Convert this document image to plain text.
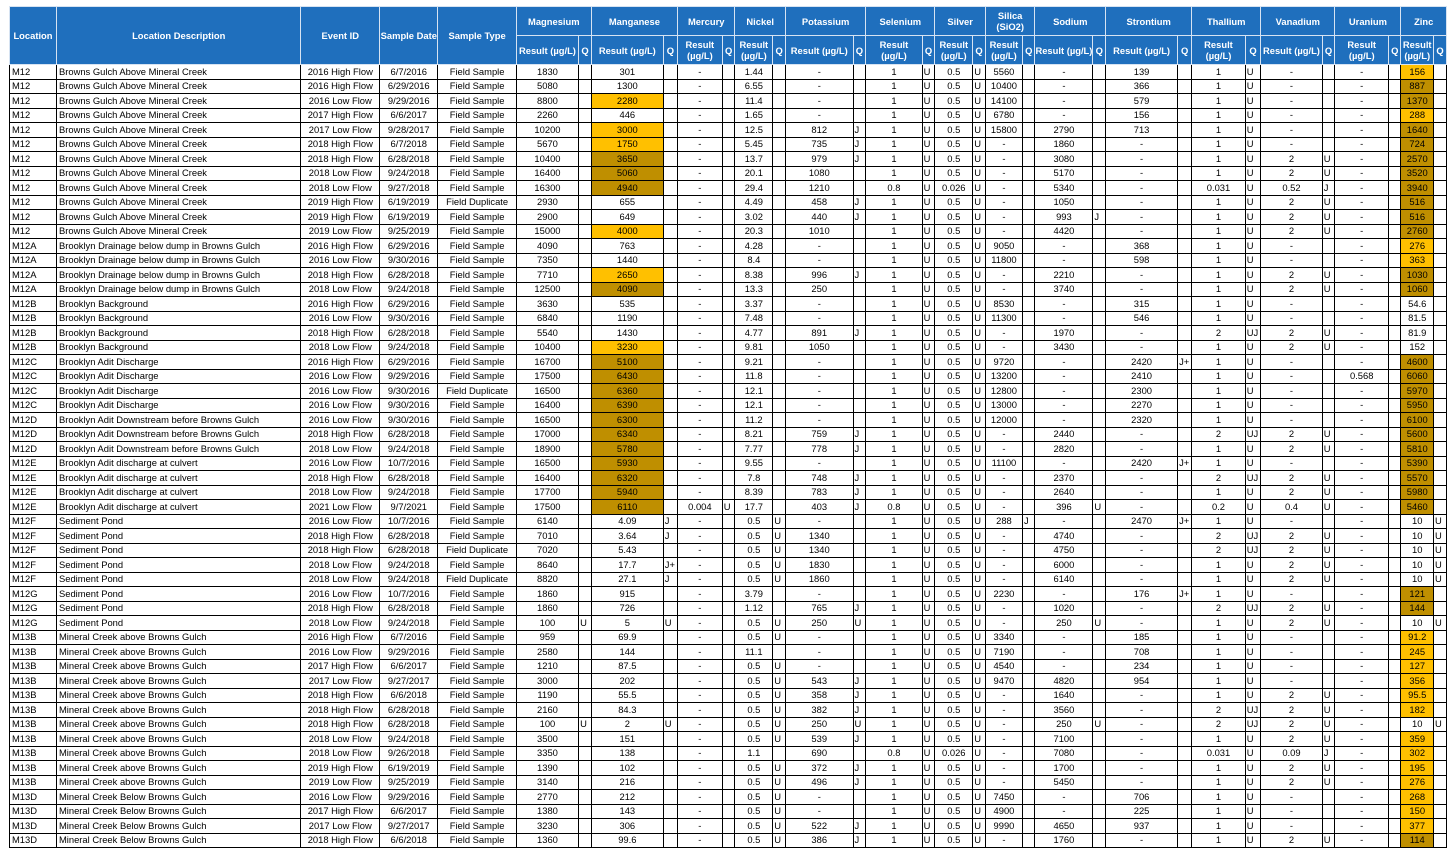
Location	Location Description	Event ID	Sample Date	Sample Type	Magnesium		Manganese		Mercury		Nickel		Potassium		Selenium		Silver		Silica (SiO2)		Sodium		Strontium		Thallium		Vanadium		Uranium		Zinc	
					Result (µg/L)	Q	Result (µg/L)	Q	Result (µg/L)	Q	Result (µg/L)	Q	Result (µg/L)	Q	Result (µg/L)	Q	Result (µg/L)	Q	Result (µg/L)	Q	Result (µg/L)	Q	Result (µg/L)	Q	Result (µg/L)	Q	Result (µg/L)	Q	Result (µg/L)	Q	Result (µg/L)	Q
M12	Browns Gulch Above Mineral Creek	2016 High Flow	6/7/2016	Field Sample	1830		301		-		1.44		-		1	U	0.5	U	5560		-		139		1	U	-		-		156	
M12	Browns Gulch Above Mineral Creek	2016 High Flow	6/29/2016	Field Sample	5080		1300		-		6.55		-		1	U	0.5	U	10400		-		366		1	U	-		-		887	
M12	Browns Gulch Above Mineral Creek	2016 Low Flow	9/29/2016	Field Sample	8800		2280		-		11.4		-		1	U	0.5	U	14100		-		579		1	U	-		-		1370	
M12	Browns Gulch Above Mineral Creek	2017 High Flow	6/6/2017	Field Sample	2260		446		-		1.65		-		1	U	0.5	U	6780		-		156		1	U	-		-		288	
M12	Browns Gulch Above Mineral Creek	2017 Low Flow	9/28/2017	Field Sample	10200		3000		-		12.5		812	J	1	U	0.5	U	15800		2790		713		1	U	-		-		1640	
M12	Browns Gulch Above Mineral Creek	2018 High Flow	6/7/2018	Field Sample	5670		1750		-		5.45		735	J	1	U	0.5	U	-		1860		-		1	U	-		-		724	
M12	Browns Gulch Above Mineral Creek	2018 High Flow	6/28/2018	Field Sample	10400		3650		-		13.7		979	J	1	U	0.5	U	-		3080		-		1	U	2	U	-		2570	
M12	Browns Gulch Above Mineral Creek	2018 Low Flow	9/24/2018	Field Sample	16400		5060		-		20.1		1080		1	U	0.5	U	-		5170		-		1	U	2	U	-		3520	
M12	Browns Gulch Above Mineral Creek	2018 Low Flow	9/27/2018	Field Sample	16300		4940		-		29.4		1210		0.8	U	0.026	U	-		5340		-		0.031	U	0.52	J	-		3940	
M12	Browns Gulch Above Mineral Creek	2019 High Flow	6/19/2019	Field Duplicate	2930		655		-		4.49		458	J	1	U	0.5	U	-		1050		-		1	U	2	U	-		516	
M12	Browns Gulch Above Mineral Creek	2019 High Flow	6/19/2019	Field Sample	2900		649		-		3.02		440	J	1	U	0.5	U	-		993	J	-		1	U	2	U	-		516	
M12	Browns Gulch Above Mineral Creek	2019 Low Flow	9/25/2019	Field Sample	15000		4000		-		20.3		1010		1	U	0.5	U	-		4420		-		1	U	2	U	-		2760	
M12A	Brooklyn Drainage below dump in Browns Gulch	2016 High Flow	6/29/2016	Field Sample	4090		763		-		4.28		-		1	U	0.5	U	9050		-		368		1	U	-		-		276	
M12A	Brooklyn Drainage below dump in Browns Gulch	2016 Low Flow	9/30/2016	Field Sample	7350		1440		-		8.4		-		1	U	0.5	U	11800		-		598		1	U	-		-		363	
M12A	Brooklyn Drainage below dump in Browns Gulch	2018 High Flow	6/28/2018	Field Sample	7710		2650		-		8.38		996	J	1	U	0.5	U	-		2210		-		1	U	2	U	-		1030	
M12A	Brooklyn Drainage below dump in Browns Gulch	2018 Low Flow	9/24/2018	Field Sample	12500		4090		-		13.3		250		1	U	0.5	U	-		3740		-		1	U	2	U	-		1060	
M12B	Brooklyn Background	2016 High Flow	6/29/2016	Field Sample	3630		535		-		3.37		-		1	U	0.5	U	8530		-		315		1	U	-		-		54.6	
M12B	Brooklyn Background	2016 Low Flow	9/30/2016	Field Sample	6840		1190		-		7.48		-		1	U	0.5	U	11300		-		546		1	U	-		-		81.5	
M12B	Brooklyn Background	2018 High Flow	6/28/2018	Field Sample	5540		1430		-		4.77		891	J	1	U	0.5	U	-		1970		-		2	UJ	2	U	-		81.9	
M12B	Brooklyn Background	2018 Low Flow	9/24/2018	Field Sample	10400		3230		-		9.81		1050		1	U	0.5	U	-		3430		-		1	U	2	U	-		152	
M12C	Brooklyn Adit Discharge	2016 High Flow	6/29/2016	Field Sample	16700		5100		-		9.21		-		1	U	0.5	U	9720		-		2420	J+	1	U	-		-		4600	
M12C	Brooklyn Adit Discharge	2016 Low Flow	9/29/2016	Field Sample	17500		6430		-		11.8		-		1	U	0.5	U	13200		-		2410		1	U	-		0.568		6060	
M12C	Brooklyn Adit Discharge	2016 Low Flow	9/30/2016	Field Duplicate	16500		6360		-		12.1		-		1	U	0.5	U	12800		-		2300		1	U	-		-		5970	
M12C	Brooklyn Adit Discharge	2016 Low Flow	9/30/2016	Field Sample	16400		6390		-		12.1		-		1	U	0.5	U	13000		-		2270		1	U	-		-		5950	
M12D	Brooklyn Adit Downstream before Browns Gulch	2016 Low Flow	9/30/2016	Field Sample	16500		6300		-		11.2		-		1	U	0.5	U	12000		-		2320		1	U	-		-		6100	
M12D	Brooklyn Adit Downstream before Browns Gulch	2018 High Flow	6/28/2018	Field Sample	17000		6340		-		8.21		759	J	1	U	0.5	U	-		2440		-		2	UJ	2	U	-		5600	
M12D	Brooklyn Adit Downstream before Browns Gulch	2018 Low Flow	9/24/2018	Field Sample	18900		5780		-		7.77		778	J	1	U	0.5	U	-		2820		-		1	U	2	U	-		5810	
M12E	Brooklyn Adit discharge at culvert	2016 Low Flow	10/7/2016	Field Sample	16500		5930		-		9.55		-		1	U	0.5	U	11100		-		2420	J+	1	U	-		-		5390	
M12E	Brooklyn Adit discharge at culvert	2018 High Flow	6/28/2018	Field Sample	16400		6320		-		7.8		748	J	1	U	0.5	U	-		2370		-		2	UJ	2	U	-		5570	
M12E	Brooklyn Adit discharge at culvert	2018 Low Flow	9/24/2018	Field Sample	17700		5940		-		8.39		783	J	1	U	0.5	U	-		2640		-		1	U	2	U	-		5980	
M12E	Brooklyn Adit discharge at culvert	2021 Low Flow	9/7/2021	Field Sample	17500		6110		0.004	U	17.7		403	J	0.8	U	0.5	U	-		396	U	-		0.2	U	0.4	U	-		5460	
M12F	Sediment Pond	2016 Low Flow	10/7/2016	Field Sample	6140		4.09	J	-		0.5	U	-		1	U	0.5	U	288	J	-		2470	J+	1	U	-		-		10	U
M12F	Sediment Pond	2018 High Flow	6/28/2018	Field Sample	7010		3.64	J	-		0.5	U	1340		1	U	0.5	U	-		4740		-		2	UJ	2	U	-		10	U
M12F	Sediment Pond	2018 High Flow	6/28/2018	Field Duplicate	7020		5.43		-		0.5	U	1340		1	U	0.5	U	-		4750		-		2	UJ	2	U	-		10	U
M12F	Sediment Pond	2018 Low Flow	9/24/2018	Field Sample	8640		17.7	J+	-		0.5	U	1830		1	U	0.5	U	-		6000		-		1	U	2	U	-		10	U
M12F	Sediment Pond	2018 Low Flow	9/24/2018	Field Duplicate	8820		27.1	J	-		0.5	U	1860		1	U	0.5	U	-		6140		-		1	U	2	U	-		10	U
M12G	Sediment Pond	2016 Low Flow	10/7/2016	Field Sample	1860		915		-		3.79		-		1	U	0.5	U	2230		-		176	J+	1	U	-		-		121	
M12G	Sediment Pond	2018 High Flow	6/28/2018	Field Sample	1860		726		-		1.12		765	J	1	U	0.5	U	-		1020		-		2	UJ	2	U	-		144	
M12G	Sediment Pond	2018 Low Flow	9/24/2018	Field Sample	100	U	5	U	-		0.5	U	250	U	1	U	0.5	U	-		250	U	-		1	U	2	U	-		10	U
M13B	Mineral Creek above Browns Gulch	2016 High Flow	6/7/2016	Field Sample	959		69.9		-		0.5	U	-		1	U	0.5	U	3340		-		185		1	U	-		-		91.2	
M13B	Mineral Creek above Browns Gulch	2016 Low Flow	9/29/2016	Field Sample	2580		144		-		11.1		-		1	U	0.5	U	7190		-		708		1	U	-		-		245	
M13B	Mineral Creek above Browns Gulch	2017 High Flow	6/6/2017	Field Sample	1210		87.5		-		0.5	U	-		1	U	0.5	U	4540		-		234		1	U	-		-		127	
M13B	Mineral Creek above Browns Gulch	2017 Low Flow	9/27/2017	Field Sample	3000		202		-		0.5	U	543	J	1	U	0.5	U	9470		4820		954		1	U	-		-		356	
M13B	Mineral Creek above Browns Gulch	2018 High Flow	6/6/2018	Field Sample	1190		55.5		-		0.5	U	358	J	1	U	0.5	U	-		1640		-		1	U	2	U	-		95.5	
M13B	Mineral Creek above Browns Gulch	2018 High Flow	6/28/2018	Field Sample	2160		84.3		-		0.5	U	382	J	1	U	0.5	U	-		3560		-		2	UJ	2	U	-		182	
M13B	Mineral Creek above Browns Gulch	2018 High Flow	6/28/2018	Field Sample	100	U	2	U	-		0.5	U	250	U	1	U	0.5	U	-		250	U	-		2	UJ	2	U	-		10	U
M13B	Mineral Creek above Browns Gulch	2018 Low Flow	9/24/2018	Field Sample	3500		151		-		0.5	U	539	J	1	U	0.5	U	-		7100		-		1	U	2	U	-		359	
M13B	Mineral Creek above Browns Gulch	2018 Low Flow	9/26/2018	Field Sample	3350		138		-		1.1		690		0.8	U	0.026	U	-		7080		-		0.031	U	0.09	J	-		302	
M13B	Mineral Creek above Browns Gulch	2019 High Flow	6/19/2019	Field Sample	1390		102		-		0.5	U	372	J	1	U	0.5	U	-		1700		-		1	U	2	U	-		195	
M13B	Mineral Creek above Browns Gulch	2019 Low Flow	9/25/2019	Field Sample	3140		216		-		0.5	U	496	J	1	U	0.5	U	-		5450		-		1	U	2	U	-		276	
M13D	Mineral Creek Below Browns Gulch	2016 Low Flow	9/29/2016	Field Sample	2770		212		-		0.5	U	-		1	U	0.5	U	7450		-		706		1	U	-		-		268	
M13D	Mineral Creek Below Browns Gulch	2017 High Flow	6/6/2017	Field Sample	1380		143		-		0.5	U	-		1	U	0.5	U	4900		-		225		1	U	-		-		150	
M13D	Mineral Creek Below Browns Gulch	2017 Low Flow	9/27/2017	Field Sample	3230		306		-		0.5	U	522	J	1	U	0.5	U	9990		4650		937		1	U	-		-		377	
M13D	Mineral Creek Below Browns Gulch	2018 High Flow	6/6/2018	Field Sample	1360		99.6		-		0.5	U	386	J	1	U	0.5	U	-		1760		-		1	U	2	U	-		114	
